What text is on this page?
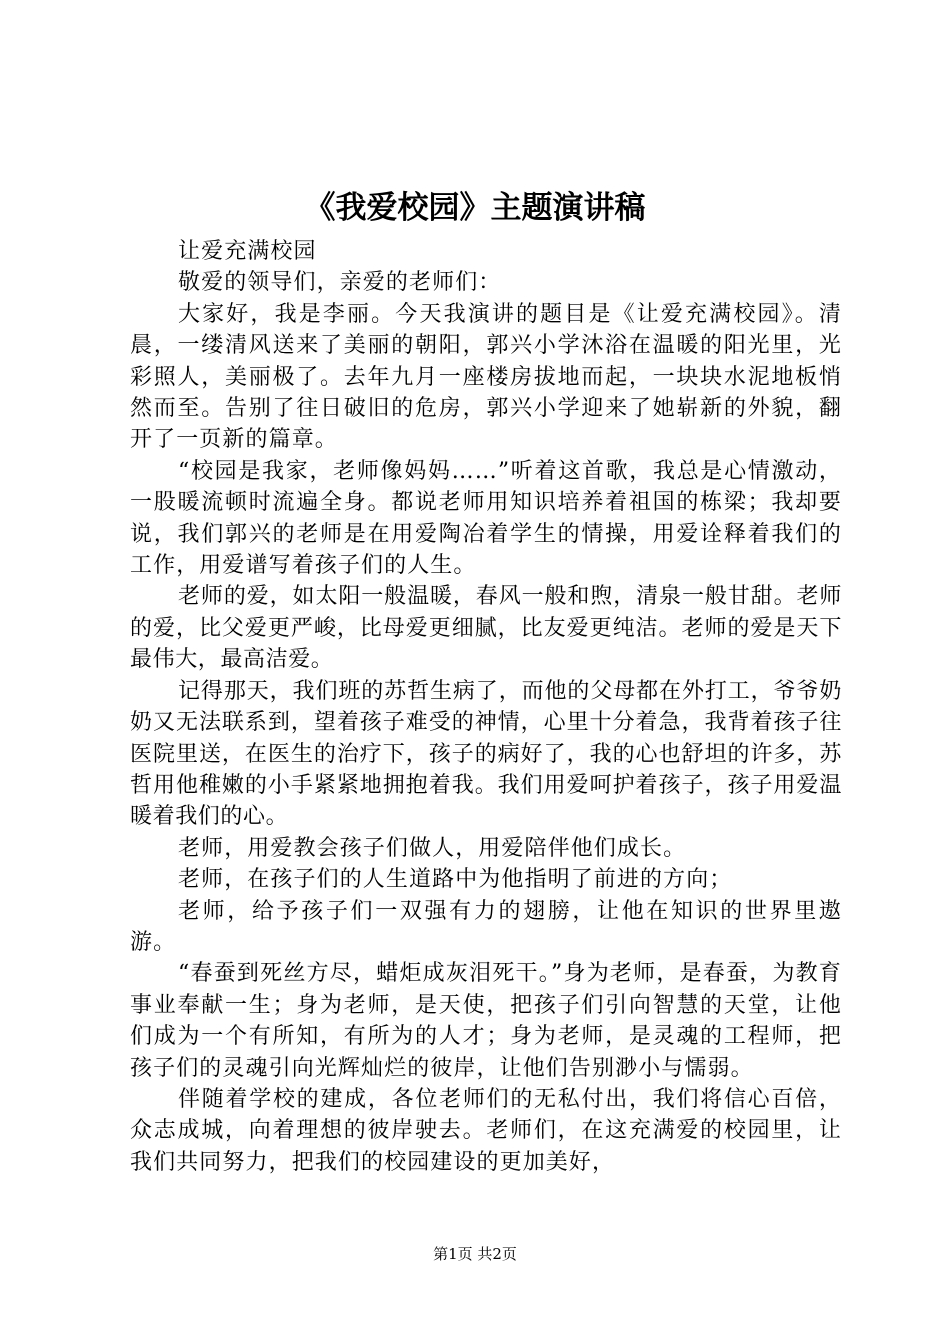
《我爱校园》主题演讲稿

让爱充满校园

敬爱的领导们，亲爱的老师们：

大家好，我是李丽。今天我演讲的题目是《让爱充满校园》。清晨，一缕清风送来了美丽的朝阳，郭兴小学沐浴在温暖的阳光里，光彩照人，美丽极了。去年九月一座楼房拔地而起，一块块水泥地板悄然而至。告别了往日破旧的危房，郭兴小学迎来了她崭新的外貌，翻开了一页新的篇章。

“校园是我家，老师像妈妈……”听着这首歌，我总是心情激动，一股暖流顿时流遍全身。都说老师用知识培养着祖国的栋梁；我却要说，我们郭兴的老师是在用爱陶冶着学生的情操，用爱诠释着我们的工作，用爱谱写着孩子们的人生。

老师的爱，如太阳一般温暖，春风一般和煦，清泉一般甘甜。老师的爱，比父爱更严峻，比母爱更细腻，比友爱更纯洁。老师的爱是天下最伟大，最高洁爱。

记得那天，我们班的苏哲生病了，而他的父母都在外打工，爷爷奶奶又无法联系到，望着孩子难受的神情，心里十分着急，我背着孩子往医院里送，在医生的治疗下，孩子的病好了，我的心也舒坦的许多，苏哲用他稚嫩的小手紧紧地拥抱着我。我们用爱呵护着孩子，孩子用爱温暖着我们的心。

老师，用爱教会孩子们做人，用爱陪伴他们成长。

老师，在孩子们的人生道路中为他指明了前进的方向；

老师，给予孩子们一双强有力的翅膀，让他在知识的世界里遨游。

“春蚕到死丝方尽，蜡炬成灰泪死干。”身为老师，是春蚕，为教育事业奉献一生；身为老师，是天使，把孩子们引向智慧的天堂，让他们成为一个有所知，有所为的人才；身为老师，是灵魂的工程师，把孩子们的灵魂引向光辉灿烂的彼岸，让他们告别渺小与懦弱。

伴随着学校的建成，各位老师们的无私付出，我们将信心百倍，众志成城，向着理想的彼岸驶去。老师们，在这充满爱的校园里，让我们共同努力，把我们的校园建设的更加美好，

第1页 共2页
